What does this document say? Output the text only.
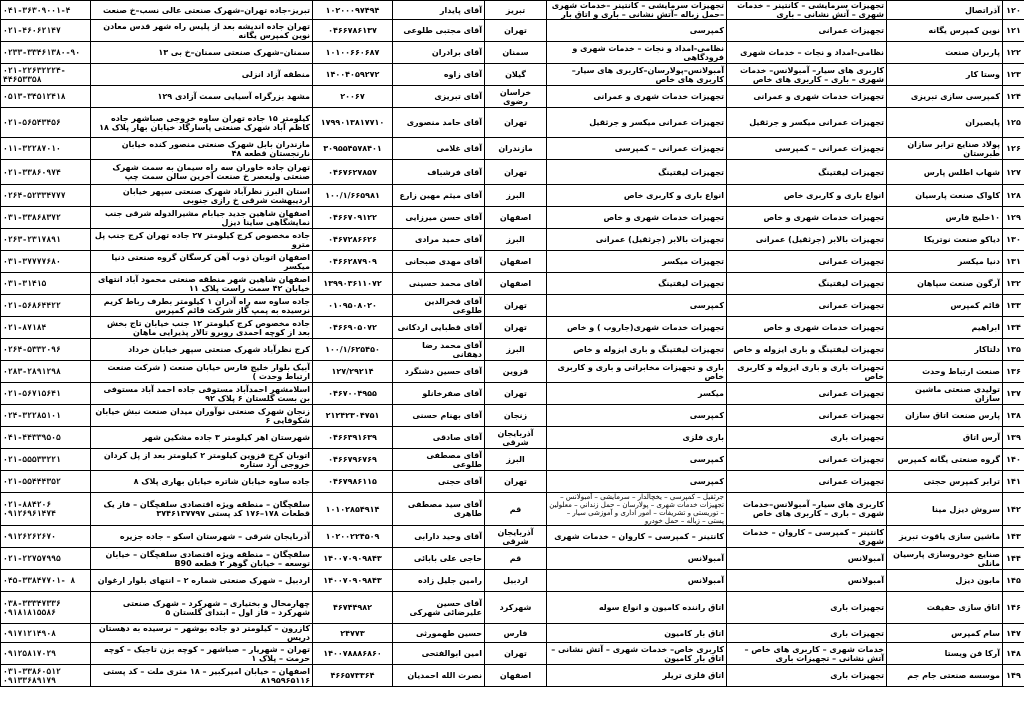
۱۲۰	آذراتصال	تجهیزات سرمایشی – کانتینر – خدمات شهری – آتش نشانی – باری	تجهیزات سرمایشی – کانتینر –خدمات شهری –حمل زباله –آتش نشانی – باری و اتاق بار	تبریز	آقای پایدار	۱۰۲۰۰۰۹۷۴۹۴	تبریز-جاده تهران–شهرک صنعتی عالی نسب–خ صنعت	۰۴۱-۳۶۳۰۹۰۰۱-۴
۱۲۱	نوین کمپرس یگانه	تجهیزات عمرانی	کمپرسی	تهران	آقای مجتبی طلوعی	۰۴۶۶۷۸۶۱۳۷	تهران جاده اندیشه بعد از پلیس راه شهر قدس معادن نوین کمپرس یگانه	۰۲۱-۴۶۰۶۲۱۴۷
۱۲۲	پاربران صنعت	نظامی-امداد و نجات – خدمات شهری	نظامی-امداد و نجات – خدمات شهری و فرودگاهی	سمنان	آقای برادران	۱۰۱۰۰۶۶۰۶۸۷	سمنان–شهرک صنعتی سمنان–خ بی ۱۳	۰۲۳۳-۳۳۴۶۱۳۸۰-۹۰
۱۲۳	وستا کار	کاربری های سیار– آمبولانس– خدمات شهری – باری – کاربری های خاص	آمبولانس–پولارسان–کاربری های سیار–کاربری های خاص	گیلان	آقای زاوه	۱۴۰۰۴۰۵۹۲۷۲	منطقه آزاد انزلی	۰۲۱-۲۲۶۳۲۲۲۴- ۴۴۶۵۳۳۵۸
۱۲۴	کمپرسی سازی تبریزی	تجهیزات خدمات شهری و عمرانی	تجهیزات خدمات شهری و عمرانی	خراسان رضوی	آقای تبریزی	۲۰۰۶۷	مشهد بزرگراه آسیایی سمت آزادی ۱۲۹	۰۵۱۳-۳۴۵۱۲۴۱۸
۱۲۵	پایصیران	تجهیزات عمرانی میکسر و جرثقیل	تجهیزات عمرانی میکسر و جرثقیل	تهران	آقای حامد منصوری	۱۷۹۹۰۱۳۸۱۷۷۱۰	کیلومتر ۱۵ جاده تهران ساوه خروجی صباشهر جاده کاظم آباد شهرک صنعتی پاسارگاد خیابان بهار پلاک ۱۸	۰۲۱-۵۶۵۴۳۴۵۶
۱۲۶	پولاد صنایع ترابر سازان طبرستان	تجهیزات عمرانی – کمپرسی	تجهیزات عمرانی – کمپرسی	مازندران	آقای غلامی	۳۰۹۵۵۴۵۷۸۴۰۱	مازندران بابل شهرک صنعتی منصور کنده خیابان نارنجستان قطعه ۴۸	۰۱۱-۳۲۲۸۷۰۱۰
۱۲۷	شهاب اطلس پارس	تجهیزات لیفتینگ	تجهیزات لیفتینگ	تهران	آقای فرشباف	۰۴۶۷۶۲۷۸۵۷	تهران جاده خاوران سه راه سیمان به سمت شهرک صنعتی ولیعصر خ صنعت آخرین سالن سمت چپ	۰۲۱-۳۳۸۶۰۹۷۴
۱۲۸	کاواک صنعت پارسیان	انواع باری و کاربری خاص	انواع باری و کاربری خاص	البرز	آقای میثم مهین زارع	۱۰۰/۱/۶۶۵۹۸۱	استان البرز نظرآباد شهرک صنعتی سپهر خیابان اردیبهشت شرقی خ رازی جنوبی	۰۲۶۴-۵۲۳۳۴۷۷۷
۱۲۹	۱۰خلیج فارس	تجهیزات خدمات شهری و خاص	تجهیزات خدمات شهری و خاص	اصفهان	آقای حسن میرزایی	۰۴۶۶۷۰۹۱۲۲	اصفهان شاهین جدید جیابام مشیرالدوله شرقی جنب نمایشگاهی ساینا دیزل	۰۳۱-۳۳۸۶۸۳۷۲
۱۳۰	دیاکو صنعت نوتریکا	تجهیزات بالابر (جرثقیل) عمرانی	تجهیزات بالابر (جرثقیل) عمرانی	البرز	آقای حمید مرادی	۰۴۶۷۲۸۶۶۲۶	جاده مخصوص کرج کیلومتر ۲۷ جاده تهران کرج جنب پل مترو	۰۲۶۳-۲۳۱۷۸۹۱
۱۳۱	دنیا میکسر	تجهیزات عمرانی	تجهیزات میکسر	اصفهان	آقای مهدی صبحانی	۰۴۶۶۲۸۷۹۰۹	اصفهان اتوبان ذوب آهن کرسگان گروه صنعتی دنیا میکسر	۰۳۱-۳۷۷۷۷۶۸۰
۱۳۲	آرگون صنعت سپاهان	تجهیزات لیفتینگ	تجهیزات لیفتینگ	اصفهان	آقای محمد حسینی	۱۳۹۹۰۳۶۱۱۰۷۲	اصفهان شاهین شهر منطقه صنعتی محمود آباد انتهای خیابان ۴۲ سمت راست پلاک ۱۱	۰۳۱-۳۱۴۱۵
۱۳۳	قائم کمپرس	تجهیزات عمرانی	کمپرسی	تهران	آقای فخرالدین طلوعی	۰۱۰۹۵۰۸۰۲۰	جاده ساوه سه راه آدران ۱ کیلومتر بطرف رباط کریم نرسیده به پمپ گاز شرکت قائم کمپرس	۰۲۱-۵۶۸۶۴۴۲۲
۱۳۴	ابراهیم	تجهیزات خدمات شهری و خاص	تجهیزات خدمات شهری(جاروب ) و خاص	تهران	آقای قطبایی اردکانی	۰۴۶۶۹۰۵۰۷۲	جاده مخصوص کرج کیلومتر ۱۲ جنب خیابان تاج بخش بعد از کوچه احمدی روبرو تالار پذیرایی ماهان	۰۲۱-۸۷۱۸۴
۱۳۵	دلتاکار	تجهیزات لیفتینگ و باری ایزوله و خاص	تجهیزات لیفتینگ و باری ایزوله و خاص	البرز	آقای محمد رضا دهقانی	۱۰۰/۱/۶۲۵۴۵۰	کرج نظرآباد شهرک صنعتی سپهر خیابان خرداد	۰۲۶۴-۵۳۳۲۰۹۶
۱۳۶	صنعت ارتباط وحدت	تجهیزات باری و باری ایزوله و کاربری خاص	باری و تجهیزات مخابراتی و باری و کاربری خاص	قزوین	آقای حسین دشتگرد	۱۲۷/۲۹۲۱۴	آبیک بلوار خلیج فارس خیابان صنعت ( شرکت صنعت ارتباط وحدت )	۰۲۸۳-۲۸۹۱۲۹۸
۱۳۷	تولیدی صنعتی ماشین سازان	تجهیزات عمرانی	میکسر	تهران	آقای صفرخانلو	۰۴۶۷۰۰۴۹۵۵	اسلامشهر احمدآباد مستوفی جاده احمد آباد مستوفی بن بست گلستان ۶ پلاک ۹۲	۰۲۱-۵۶۷۱۵۶۴۱
۱۳۸	پارس صنعت اتاق سازان	تجهیزات عمرانی	کمپرسی	زنجان	آقای بهنام حسنی	۲۱۲۴۲۳۰۴۷۵۱	زنجان شهرک صنعتی نوآوران میدان صنعت نبش خیابان شکوفایی ۶	۰۲۴-۳۲۲۸۵۱۰۱
۱۳۹	آرس اتاق	تجهیزات باری	باری فلزی	آذربایجان شرقی	آقای صادقی	۰۴۶۶۳۹۱۶۳۹	شهرستان اهر کیلومتر ۳ جاده مشکین شهر	۰۴۱-۴۴۳۳۹۵۰۵
۱۴۰	گروه صنعتی یگانه کمپرس	تجهیزات عمرانی	کمپرسی	البرز	آقای مصطفی طلوعی	۰۴۶۶۷۹۶۷۶۹	اتوبان کرج قزوین کیلومتر ۲ کیلومتر بعد از پل کردان خروجی آرد ستاره	۰۲۱-۵۵۵۳۳۲۲۱
۱۴۱	ترابر کمپرس حجتی	تجهیزات عمرانی	کمپرسی	تهران	آقای حجتی	۰۴۶۷۹۸۶۱۱۵	جاده ساوه خیابان شاتره خیابان بهاری پلاک ۸	۰۲۱-۵۵۴۴۴۳۵۲
۱۴۲	سروش دیزل مینا	کاربری های سیار– آمبولانس–خدمات شهری – باری – کاربری های خاص	جرثقیل – کمپرسی – یخچالدار – سرمایشی – آمبولانس – تجهیزات خدمات شهری – پولارسان – حمل زنداني – معلولین – توریستی و تشریفات – امور اداری و آموزشی سیار – پستی – زباله – حمل خودرو	قم	آقای سید مصطفی طاهری	۱۰۱۰۲۸۵۴۹۱۴	سلفچگان – منطقه ویژه اقتصادی سلفچگان – فاز یک قطعات ۱۷۸–۱۷۶ کد پستی ۳۷۴۶۱۳۷۷۹۷	۰۲۱-۸۸۴۲۰۶ ۰۹۱۲۶۹۶۱۴۷۴
۱۴۳	ماشین سازی یاقوت تبریز	کانتینر – کمپرسی – کاروان – خدمات شهری	کانتینر – کمپرسی – کاروان – خدمات شهری	آذربایجان شرقی	آقای وحید دارابی	۱۰۲۰۰۲۲۴۵۰۹	آذربایجان شرقی – شهرستان اسکو – جاده جزیره	۰۹۱۲۶۲۶۲۶۷۰
۱۴۴	صنایع خودروسازی پارسیان مانلی	آمبولانس	آمبولانس	قم	حاجی علی بابائی	۱۴۰۰۷۰۹۰۹۸۴۳	سلفچگان – منطقه ویژه اقتصادی سلفچگان – خیابان توسعه – خیابان گوهر ۲ قطعه B90	۰۲۱-۲۲۷۵۷۹۹۵
۱۴۵	مابون دیزل	آمبولانس	آمبولانس	اردبیل	رامین جلیل زاده	۱۴۰۰۷۰۹۰۹۸۴۳	اردبیل – شهرک صنعتی شماره ۲ – انتهای بلوار ارغوان	۰۴۵-۳۳۸۴۷۷۰۱- ۸
۱۴۶	اتاق سازی حقیقت	تجهیزات باری	اتاق راننده کامیون و انواع سوله	شهرکرد	آقای حسین علیرضائی شهرکی	۴۶۷۴۴۹۸۲	چهارمحال و بختیاری – شهرکرد – شهرک صنعتی شهرکرد – فاز اول – ابتدای گلستان ۵	۰۳۸-۳۳۳۴۷۳۳۶ ۰۹۱۸۱۸۱۵۵۸۶
۱۴۷	سام کمپرس	تجهیزات باری	اتاق بار کامیون	فارس	حسین طهمورثی	۲۴۷۷۳	کازرون – کیلومتر دو جاده بوشهر – نرسیده به دهستان دریس	۰۹۱۷۱۲۱۴۹۰۸
۱۴۸	آرکا فن ویستا	خدمات شهری – کاربری های خاص – آتش نشانی – تجهیزات باری	کاربری خاص– خدمات شهری – آتش نشانی – اتاق بار کامیون	تهران	امین ابوالفتحی	۱۴۰۰۷۸۸۸۶۸۶۰	تهران – شهریار – صباشهر – کوچه بزن تاجیک – کوچه حرمت – پلاک ۱	۰۹۱۲۵۸۱۷۰۲۹
۱۴۹	موسسه صنعتی جام جم	تجهیزات باری	اتاق فلزی تریلر	اصفهان	نصرت الله احمدیان	۴۶۶۵۷۳۳۶۴	اصفهان – خیابان امیرکبیر – ۱۸ متری ملت – کد پستی ۸۱۹۵۹۶۵۱۱۶	۰۳۱-۳۳۸۶۰۵۱۲ ۰۹۱۳۳۶۸۹۱۷۹
